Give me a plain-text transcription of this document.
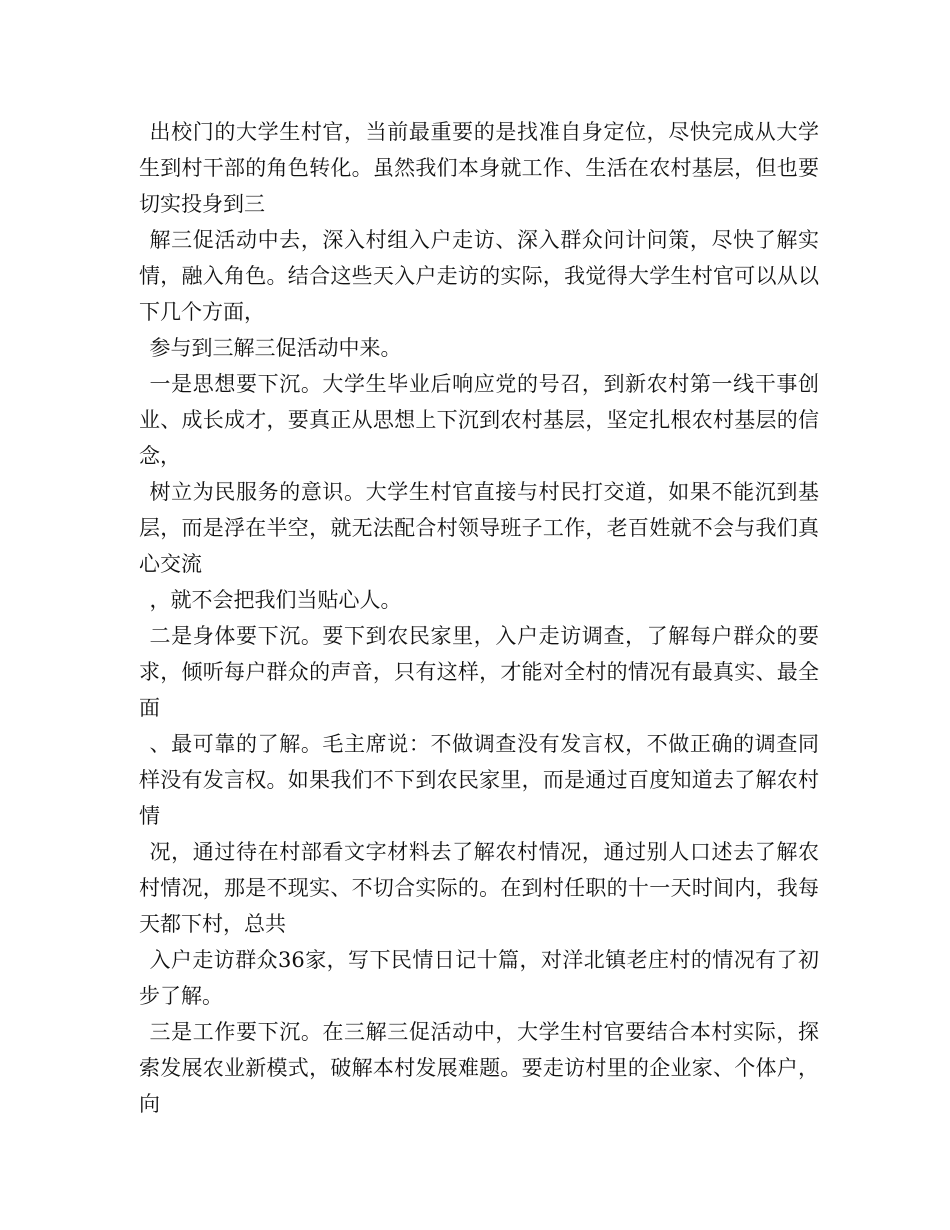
出校门的大学生村官，当前最重要的是找准自身定位，尽快完成从大学生到村干部的角色转化。虽然我们本身就工作、生活在农村基层，但也要切实投身到三

解三促活动中去，深入村组入户走访、深入群众问计问策，尽快了解实情，融入角色。结合这些天入户走访的实际，我觉得大学生村官可以从以下几个方面，

参与到三解三促活动中来。

一是思想要下沉。大学生毕业后响应党的号召，到新农村第一线干事创业、成长成才，要真正从思想上下沉到农村基层，坚定扎根农村基层的信念，

树立为民服务的意识。大学生村官直接与村民打交道，如果不能沉到基层，而是浮在半空，就无法配合村领导班子工作，老百姓就不会与我们真心交流

，就不会把我们当贴心人。

二是身体要下沉。要下到农民家里，入户走访调查，了解每户群众的要求，倾听每户群众的声音，只有这样，才能对全村的情况有最真实、最全面

、最可靠的了解。毛主席说：不做调查没有发言权，不做正确的调查同样没有发言权。如果我们不下到农民家里，而是通过百度知道去了解农村情

况，通过待在村部看文字材料去了解农村情况，通过别人口述去了解农村情况，那是不现实、不切合实际的。在到村任职的十一天时间内，我每天都下村，总共

入户走访群众36家，写下民情日记十篇，对洋北镇老庄村的情况有了初步了解。

三是工作要下沉。在三解三促活动中，大学生村官要结合本村实际，探索发展农业新模式，破解本村发展难题。要走访村里的企业家、个体户，向
